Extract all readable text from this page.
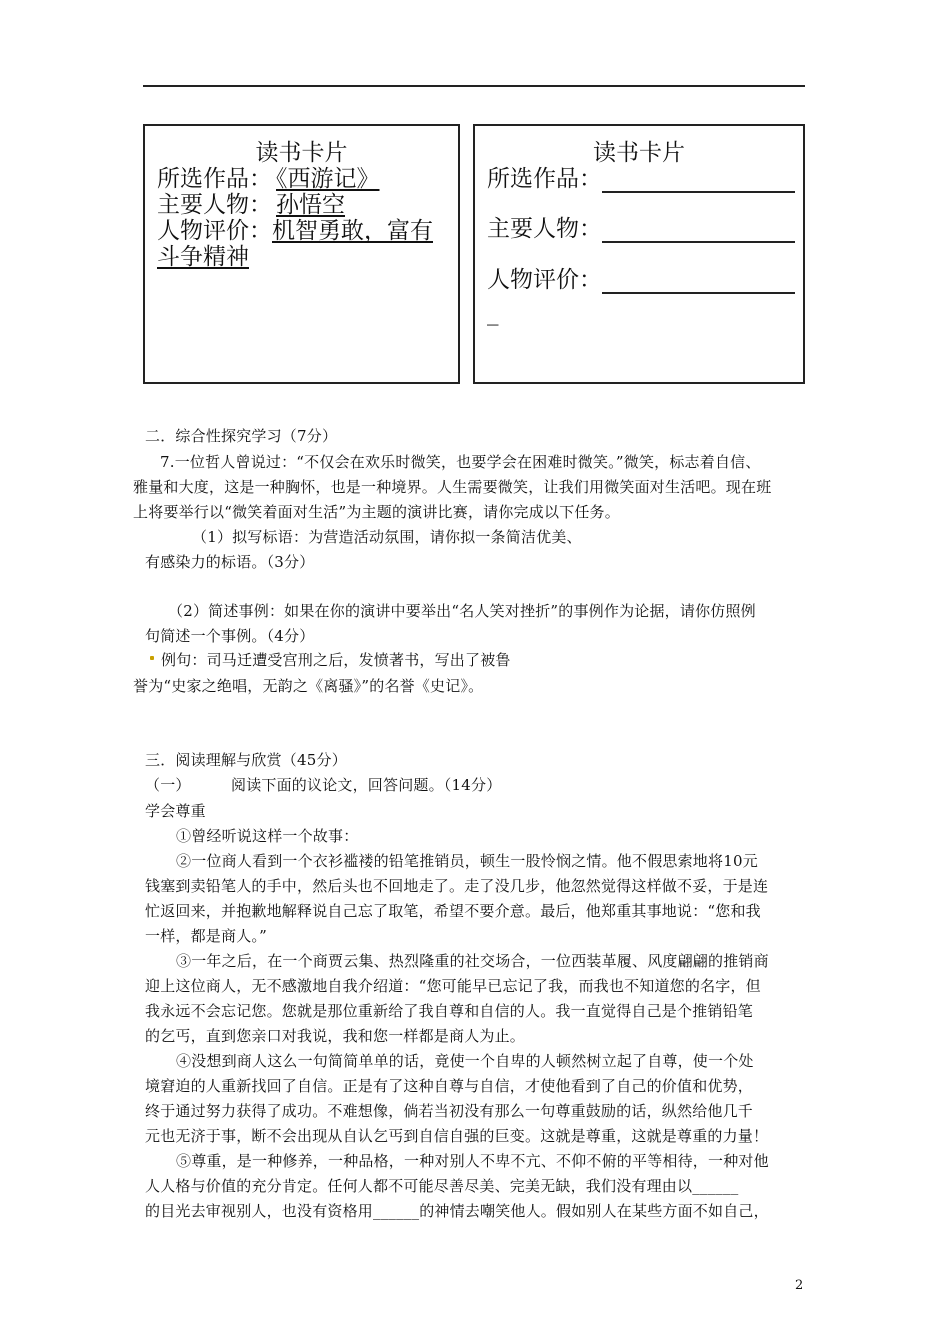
读书卡片
所选作品： 《西游记》
主要人物： 孙悟空
人物评价：机智勇敢，富有
斗争精神
读书卡片
所选作品：
主要人物：
人物评价：
_
二．综合性探究学习（7分）
7.一位哲人曾说过：“不仅会在欢乐时微笑，也要学会在困难时微笑。”微笑，标志着自信、
雅量和大度，这是一种胸怀，也是一种境界。人生需要微笑，让我们用微笑面对生活吧。现在班
上将要举行以“微笑着面对生活”为主题的演讲比赛，请你完成以下任务。
（1）拟写标语：为营造活动氛围，请你拟一条简洁优美、
有感染力的标语。（3分）
（2）简述事例：如果在你的演讲中要举出“名人笑对挫折”的事例作为论据，请你仿照例
句简述一个事例。（4分）
例句：司马迁遭受宫刑之后，发愤著书，写出了被鲁
誉为“史家之绝唱，无韵之《离骚》”的名誉《史记》。
三．阅读理解与欣赏（45分）
（一）	阅读下面的议论文，回答问题。（14分）
学会尊重
①曾经听说这样一个故事：
②一位商人看到一个衣衫褴褛的铅笔推销员，顿生一股怜悯之情。他不假思索地将10元
钱塞到卖铅笔人的手中，然后头也不回地走了。走了没几步，他忽然觉得这样做不妥，于是连
忙返回来，并抱歉地解释说自己忘了取笔，希望不要介意。最后，他郑重其事地说：“您和我
一样，都是商人。”
③一年之后，在一个商贾云集、热烈隆重的社交场合，一位西装革履、风度翩翩的推销商
迎上这位商人，无不感激地自我介绍道：“您可能早已忘记了我，而我也不知道您的名字，但
我永远不会忘记您。您就是那位重新给了我自尊和自信的人。我一直觉得自己是个推销铅笔
的乞丐，直到您亲口对我说，我和您一样都是商人为止。
④没想到商人这么一句简简单单的话，竟使一个自卑的人顿然树立起了自尊，使一个处
境窘迫的人重新找回了自信。正是有了这种自尊与自信，才使他看到了自己的价值和优势，
终于通过努力获得了成功。不难想像，倘若当初没有那么一句尊重鼓励的话，纵然给他几千
元也无济于事，断不会出现从自认乞丐到自信自强的巨变。这就是尊重，这就是尊重的力量！
⑤尊重，是一种修养，一种品格，一种对别人不卑不亢、不仰不俯的平等相待，一种对他
人人格与价值的充分肯定。任何人都不可能尽善尽美、完美无缺，我们没有理由以______
的目光去审视别人，也没有资格用______的神情去嘲笑他人。假如别人在某些方面不如自己，
2
